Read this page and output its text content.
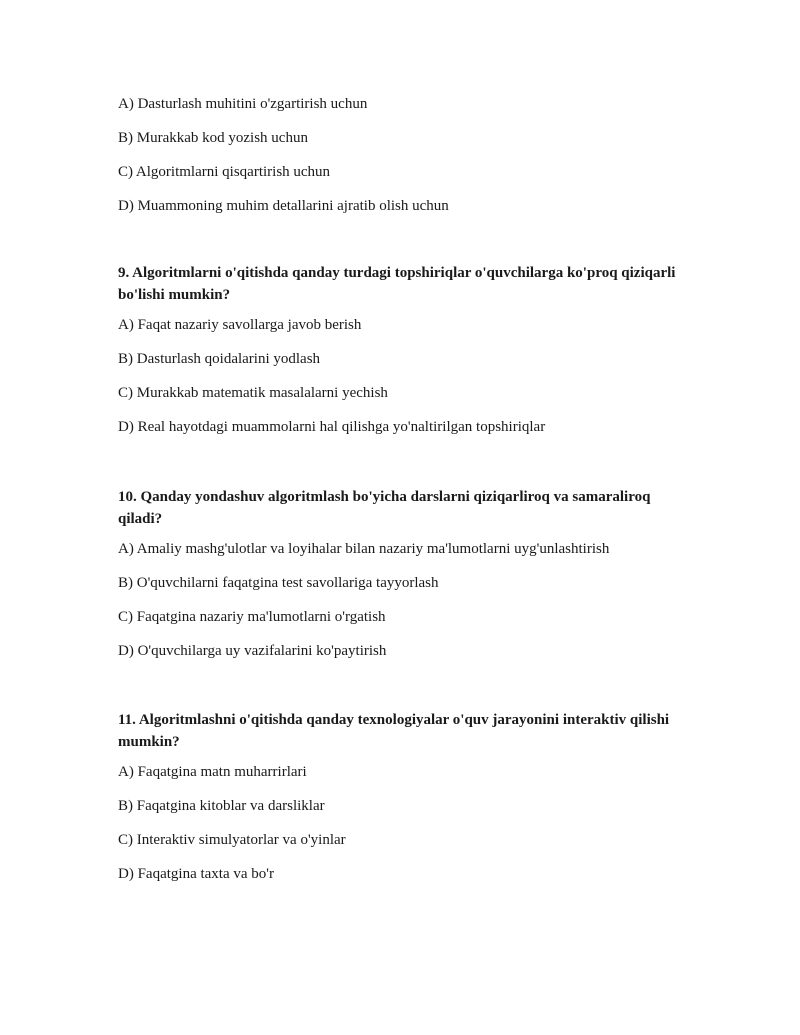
A) Dasturlash muhitini o'zgartirish uchun

B) Murakkab kod yozish uchun

C) Algoritmlarni qisqartirish uchun

D) Muammoning muhim detallarini ajratib olish uchun

9. Algoritmlarni o'qitishda qanday turdagi topshiriqlar o'quvchilarga ko'proq qiziqarli bo'lishi mumkin?

A) Faqat nazariy savollarga javob berish

B) Dasturlash qoidalarini yodlash

C) Murakkab matematik masalalarni yechish

D) Real hayotdagi muammolarni hal qilishga yo'naltirilgan topshiriqlar

10. Qanday yondashuv algoritmlash bo'yicha darslarni qiziqarliroq va samaraliroq qiladi?

A) Amaliy mashg'ulotlar va loyihalar bilan nazariy ma'lumotlarni uyg'unlashtirish

B) O'quvchilarni faqatgina test savollariga tayyorlash

C) Faqatgina nazariy ma'lumotlarni o'rgatish

D) O'quvchilarga uy vazifalarini ko'paytirish

11. Algoritmlashni o'qitishda qanday texnologiyalar o'quv jarayonini interaktiv qilishi mumkin?

A) Faqatgina matn muharrirlari

B) Faqatgina kitoblar va darsliklar

C) Interaktiv simulyatorlar va o'yinlar

D) Faqatgina taxta va bo'r
